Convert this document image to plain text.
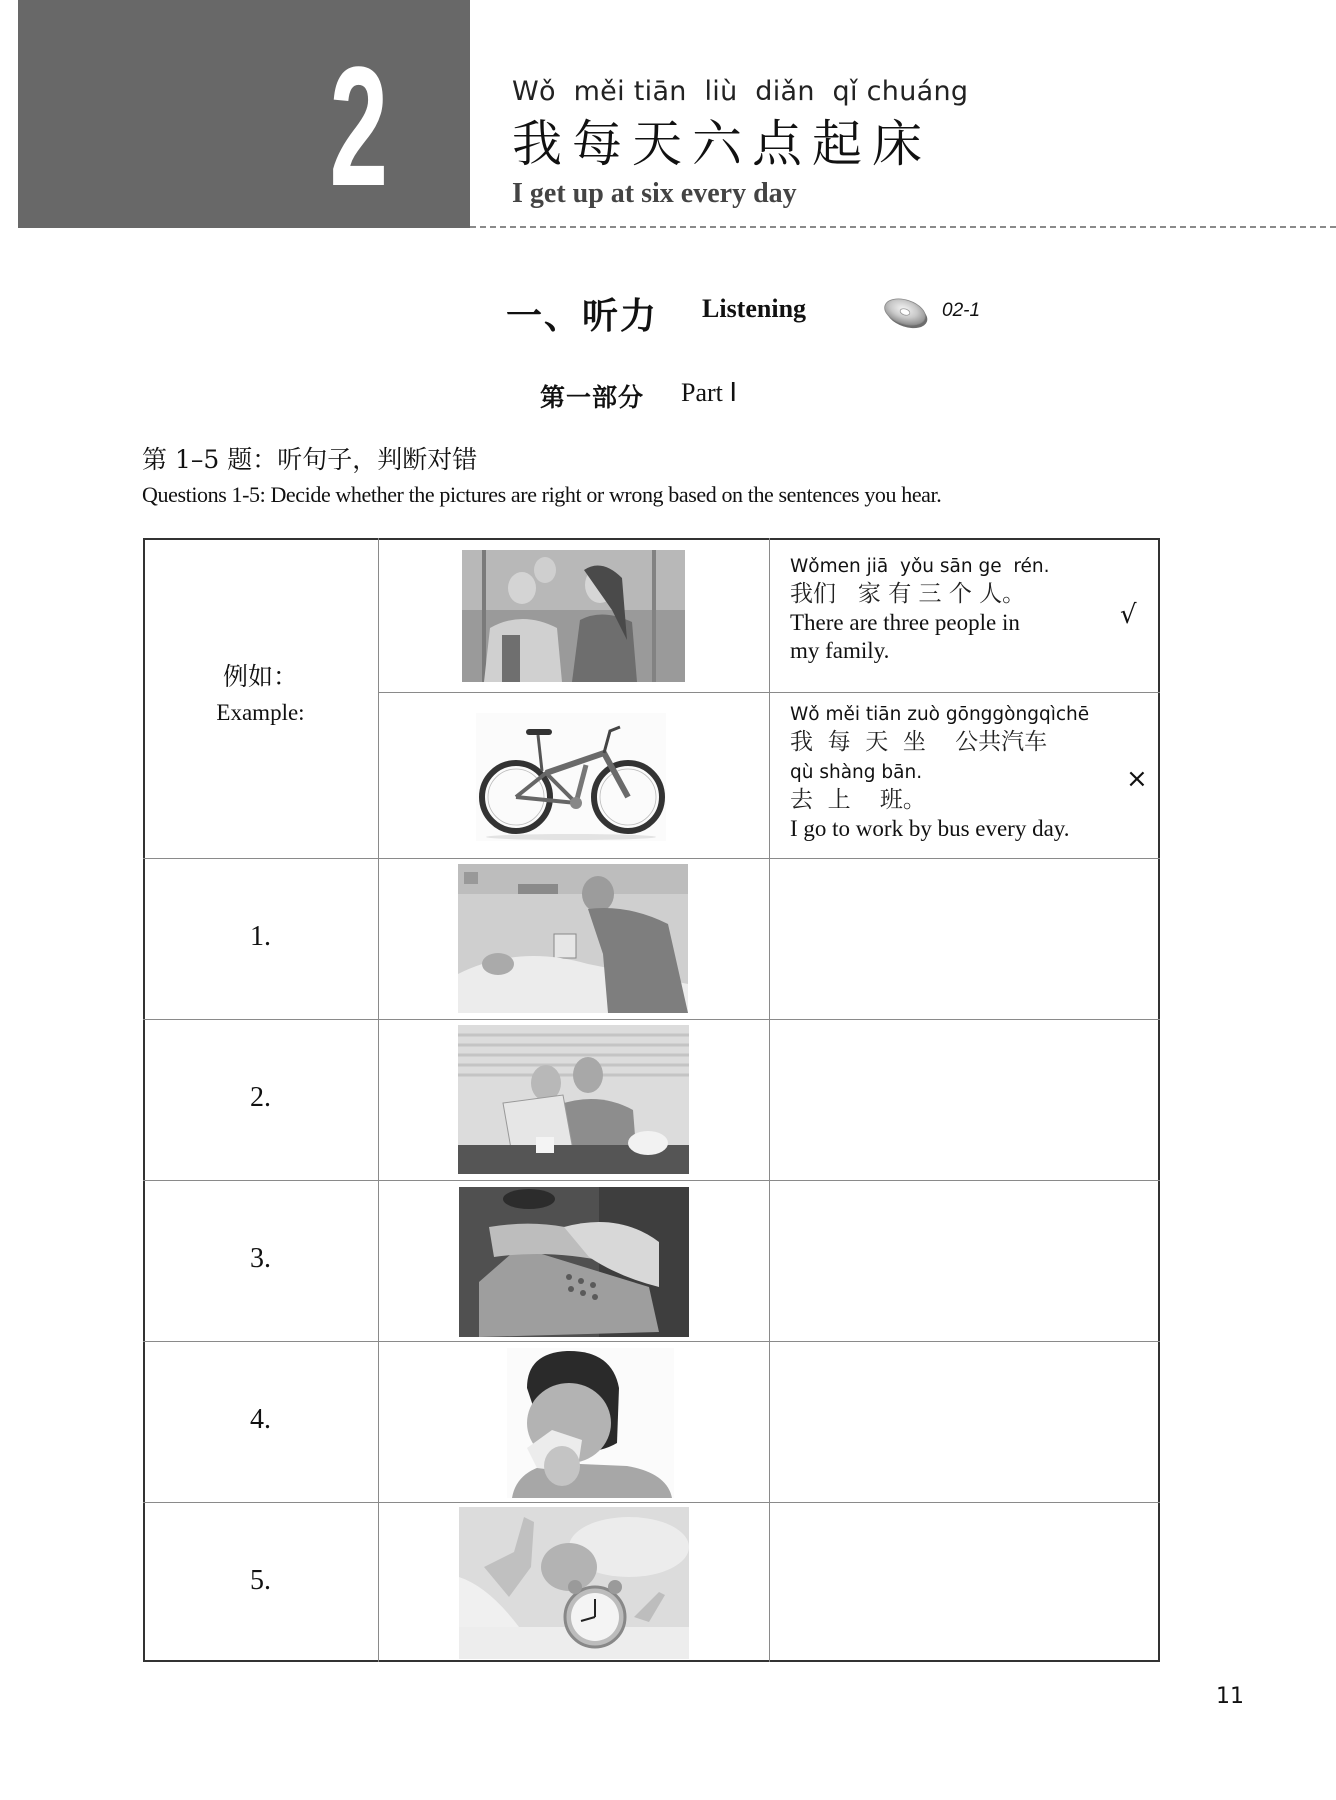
2	Wǒ  měi tiān  liù  diǎn  qǐ chuáng
我每天六点起床
I get up at six every day
一、听力 Listening	02-1
第一部分 Part Ⅰ
第 1–5 题：听句子，判断对错
Questions 1-5: Decide whether the pictures are right or wrong based on the sentences you hear.
例如：
Example:
Wǒmen jiā  yǒu sān ge  rén.
我们   家 有 三 个 人。
There are three people in
my family.
√
Wǒ měi tiān zuò gōnggòngqìchē
我  每  天  坐    公共汽车
qù shàng bān.
去  上    班。
I go to work by bus every day.
×
1.
2.
3.
4.
5.
11
